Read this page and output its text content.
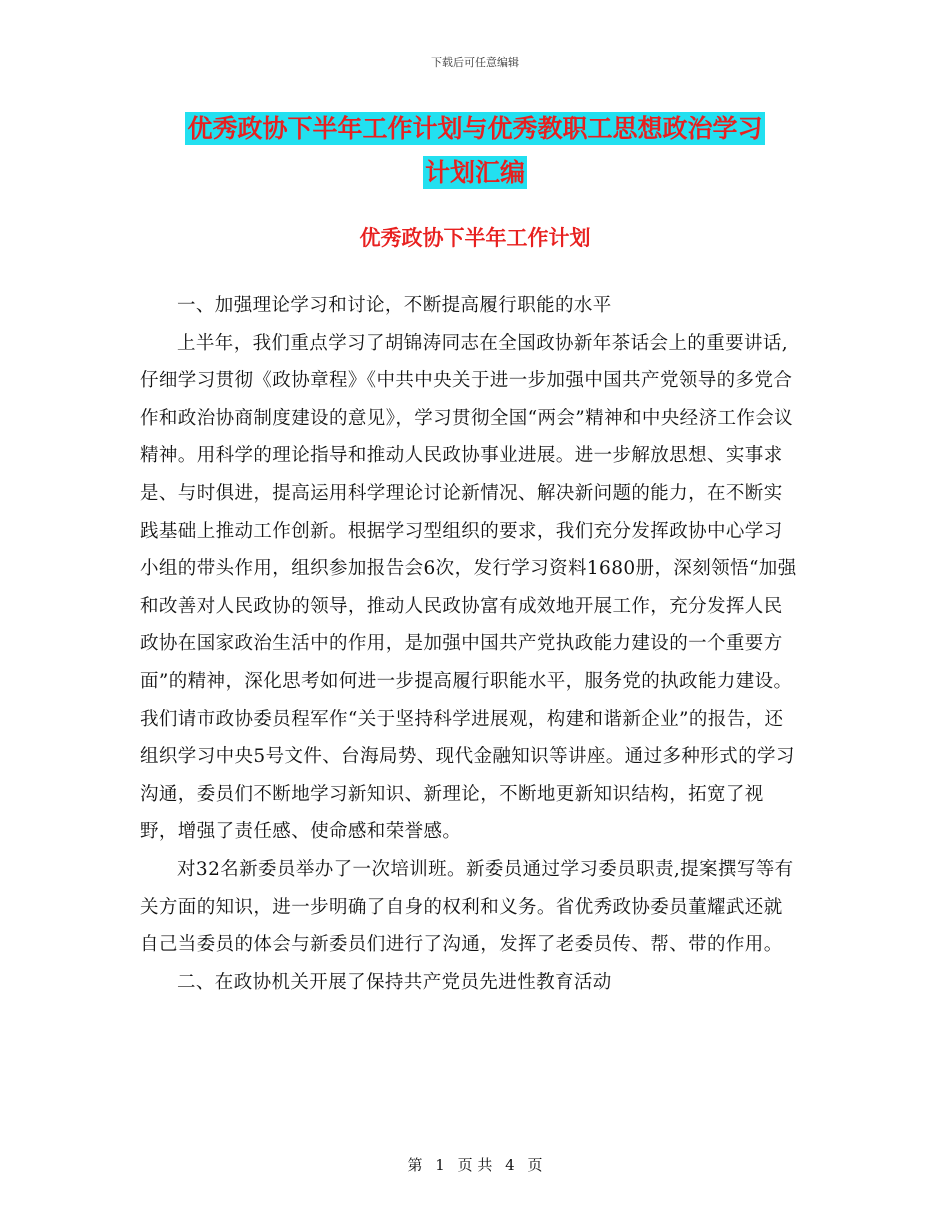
下载后可任意编辑
优秀政协下半年工作计划与优秀教职工思想政治学习
计划汇编
优秀政协下半年工作计划

一、加强理论学习和讨论，不断提高履行职能的水平

上半年，我们重点学习了胡锦涛同志在全国政协新年茶话会上的重要讲话,仔细学习贯彻《政协章程》《中共中央关于进一步加强中国共产党领导的多党合作和政治协商制度建设的意见》，学习贯彻全国“两会”精神和中央经济工作会议精神。用科学的理论指导和推动人民政协事业进展。进一步解放思想、实事求是、与时俱进，提高运用科学理论讨论新情况、解决新问题的能力，在不断实践基础上推动工作创新。根据学习型组织的要求，我们充分发挥政协中心学习小组的带头作用，组织参加报告会6次，发行学习资料1680册，深刻领悟“加强和改善对人民政协的领导，推动人民政协富有成效地开展工作，充分发挥人民政协在国家政治生活中的作用，是加强中国共产党执政能力建设的一个重要方面”的精神，深化思考如何进一步提高履行职能水平，服务党的执政能力建设。我们请市政协委员程军作“关于坚持科学进展观，构建和谐新企业”的报告，还组织学习中央5号文件、台海局势、现代金融知识等讲座。通过多种形式的学习沟通，委员们不断地学习新知识、新理论，不断地更新知识结构，拓宽了视野，增强了责任感、使命感和荣誉感。

对32名新委员举办了一次培训班。新委员通过学习委员职责,提案撰写等有关方面的知识，进一步明确了自身的权利和义务。省优秀政协委员董耀武还就自己当委员的体会与新委员们进行了沟通，发挥了老委员传、帮、带的作用。

二、在政协机关开展了保持共产党员先进性教育活动

第 1 页 共 4 页
